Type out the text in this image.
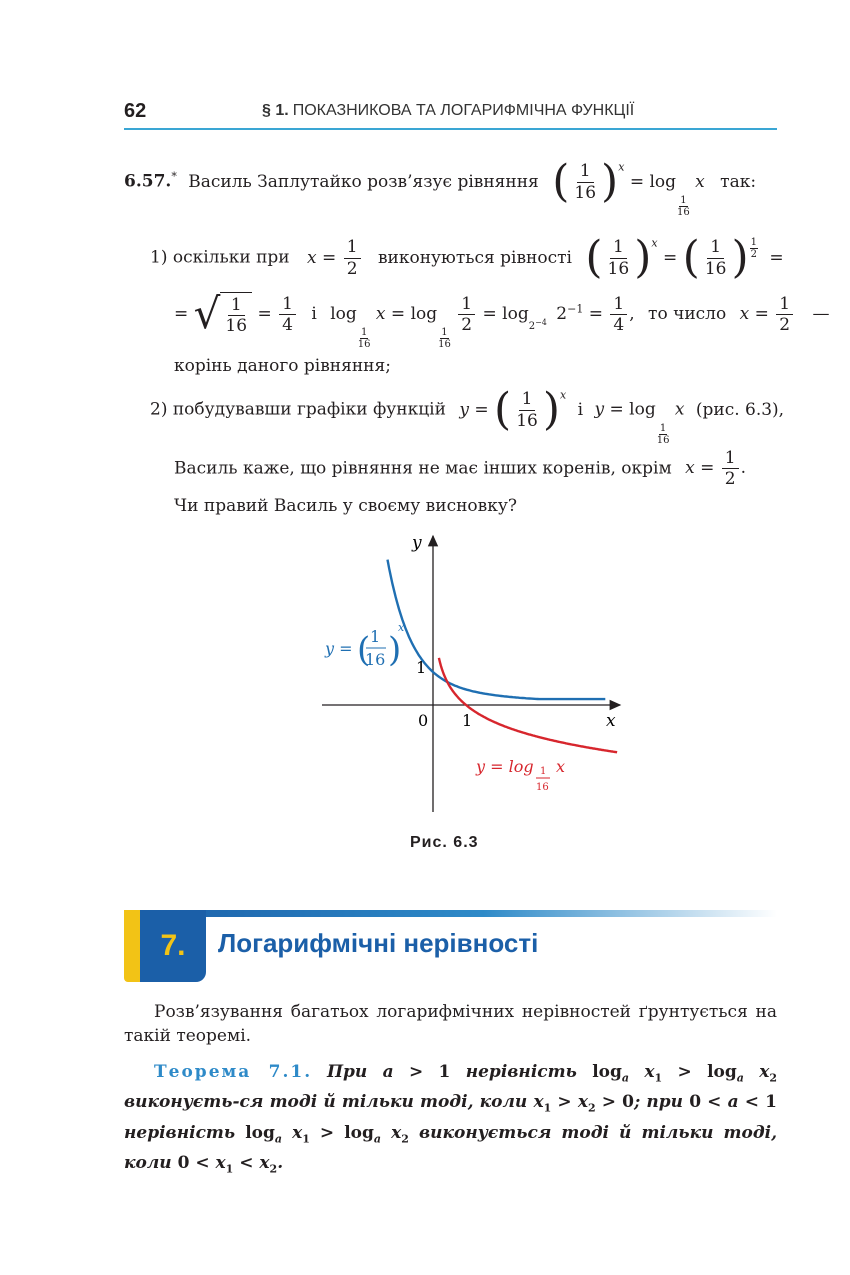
62	§ 1. ПОКАЗНИКОВА ТА ЛОГАРИФМІЧНА ФУНКЦІЇ
6.57.* Василь Заплутайко розв’язує рівняння ( $\frac{1}{16} )^x = \log$
$\frac{1}{16}$
x так:
1) оскільки при $x = \frac{1}{2}$ виконуються рівності ( $\frac{1}{16} )^x$ = ( $\frac{1}{16}$ ) $\frac{1}{2}$ =
= √ $\frac{1}{16} = \frac{1}{4}$ і log
$\frac{1}{16}$
x = log
$\frac{1}{16}$

$\frac{1}{2} = \log_{2^{-4}} 2^{-1} = \frac{1}{4}$ , то число $x = \frac{1}{2}$ —
корінь даного рівняння;
2) побудувавши графіки функцій y = ( $\frac{1}{16} )^x$ і y = log
$\frac{1}{16}$
x (рис. 6.3),
Василь каже, що рівняння не має інших коренів, окрім $x = \frac{1}{2}$ .
Чи правий Василь у своєму висновку?
x
y
0 1
1
y = ( 1
16 )
x
y = log 1
16
x
Рис. 6.3
7.	Логарифмічні нерівності
Розв’язування багатьох логарифмічних нерівностей ґрунтується на такій теоремі.
Теорема 7.1. При a > 1 нерівність $\log_a x_1 > \log_a x_2$ виконуєть-ся тоді й тільки тоді, коли $x_1 > x_2 > 0$; при 0 < a < 1 нерівність $\log_a x_1 > \log_a x_2$ виконується тоді й тільки тоді, коли $0 < x_1 < x_2$.
